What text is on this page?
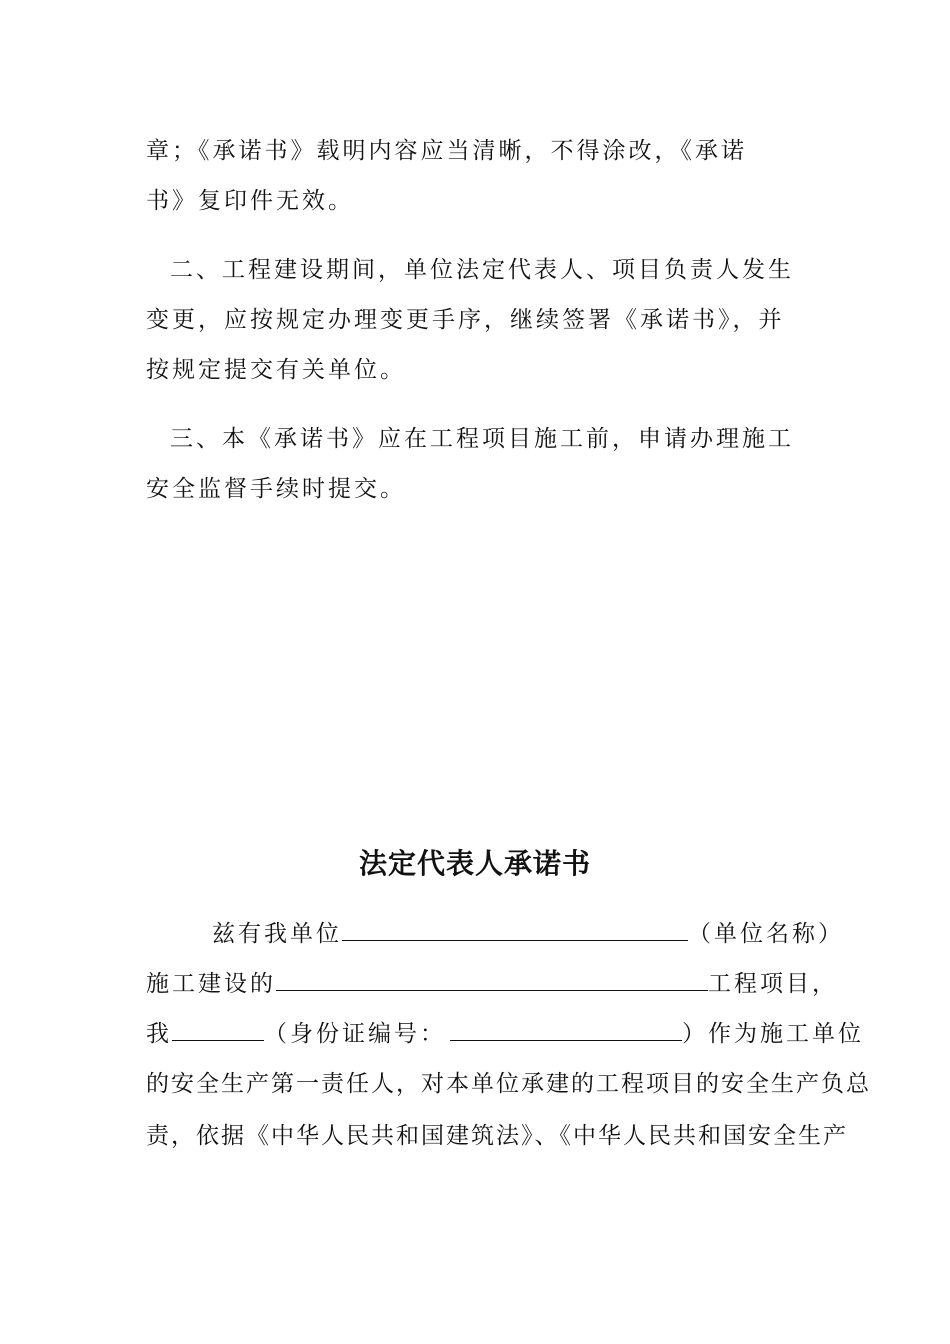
章；《承诺书》载明内容应当清晰，不得涂改，《承诺
书》复印件无效。
二、工程建设期间，单位法定代表人、项目负责人发生
变更，应按规定办理变更手序，继续签署《承诺书》，并
按规定提交有关单位。
三、本《承诺书》应在工程项目施工前，申请办理施工
安全监督手续时提交。
法定代表人承诺书
兹有我单位	（单位名称）
施工建设的	工程项目，
我	（身份证编号：	）作为施工单位
的安全生产第一责任人，对本单位承建的工程项目的安全生产负总
责，依据《中华人民共和国建筑法》、《中华人民共和国安全生产
